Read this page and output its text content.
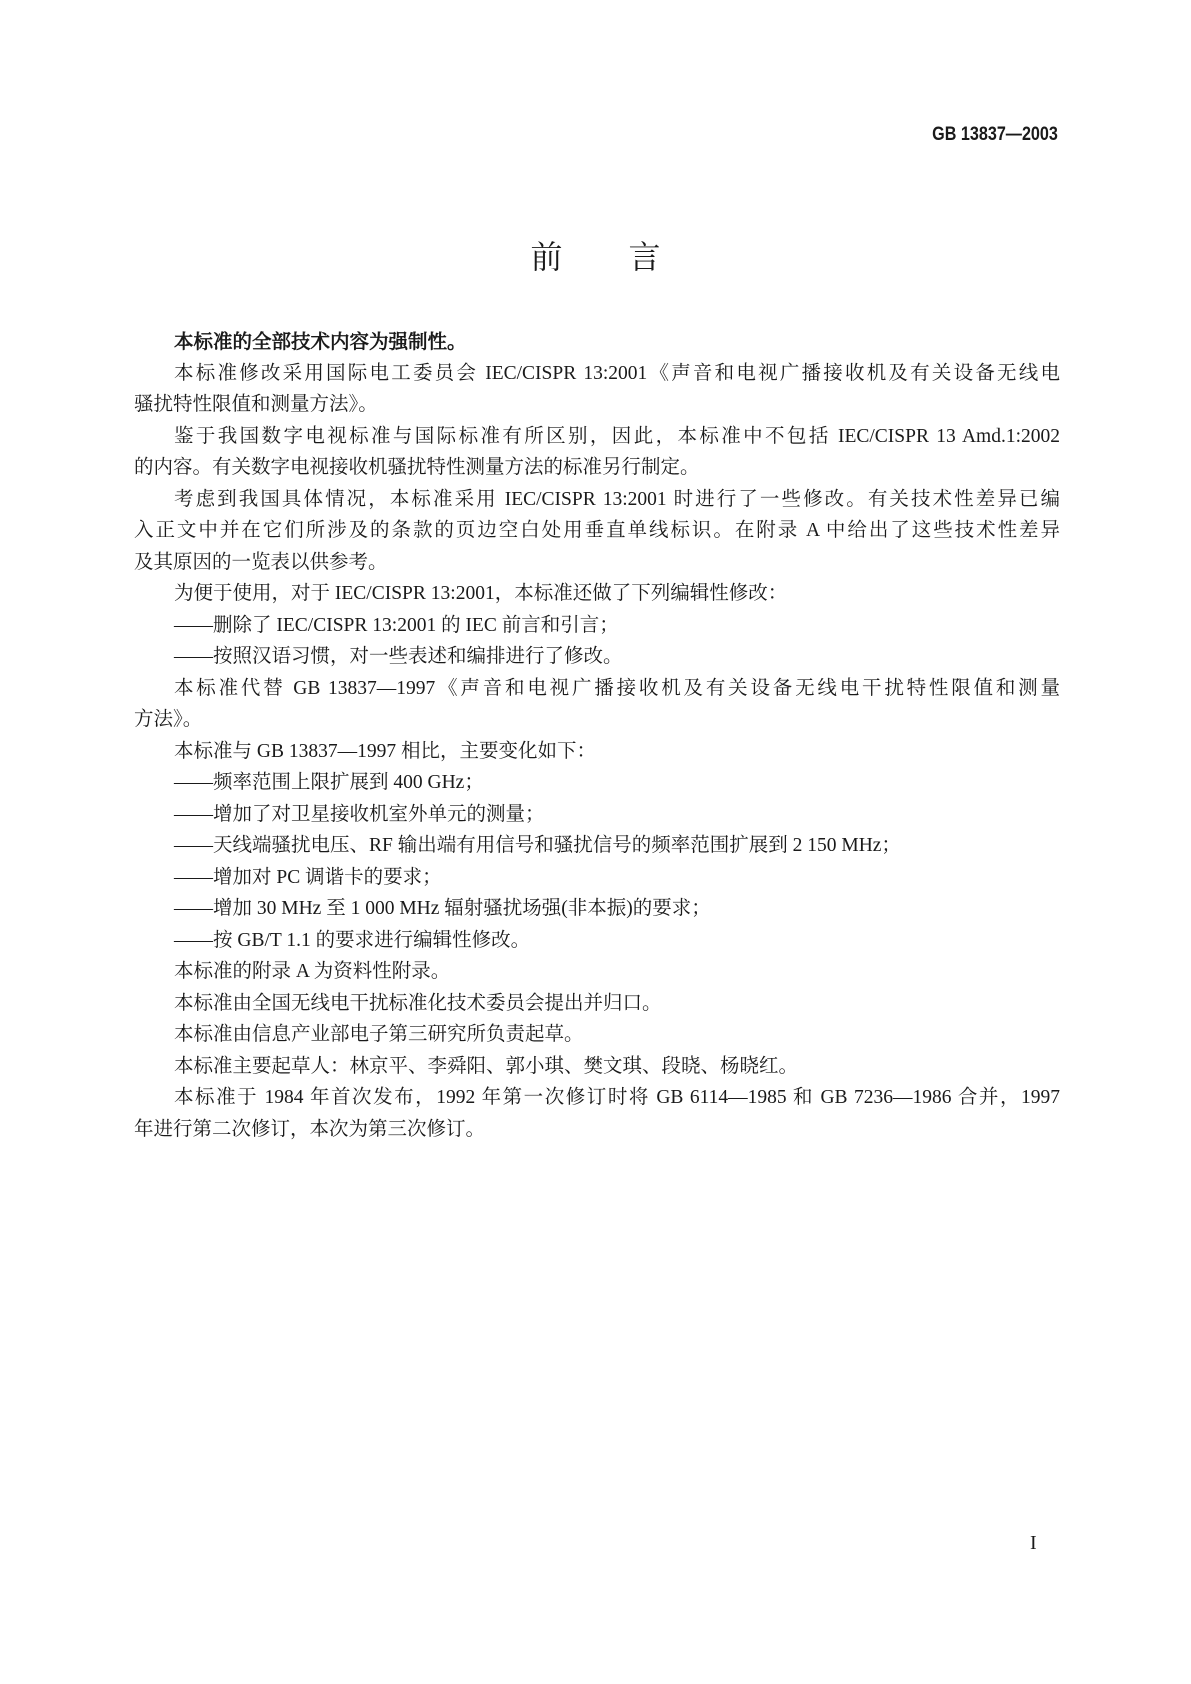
GB 13837—2003
前 言
本标准的全部技术内容为强制性。
本标准修改采用国际电工委员会 IEC/CISPR 13:2001《声音和电视广播接收机及有关设备无线电
骚扰特性限值和测量方法》。
鉴于我国数字电视标准与国际标准有所区别，因此，本标准中不包括 IEC/CISPR 13 Amd.1:2002
的内容。有关数字电视接收机骚扰特性测量方法的标准另行制定。
考虑到我国具体情况，本标准采用 IEC/CISPR 13:2001 时进行了一些修改。有关技术性差异已编
入正文中并在它们所涉及的条款的页边空白处用垂直单线标识。在附录 A 中给出了这些技术性差异
及其原因的一览表以供参考。
为便于使用，对于 IEC/CISPR 13:2001，本标准还做了下列编辑性修改：
——删除了 IEC/CISPR 13:2001 的 IEC 前言和引言；
——按照汉语习惯，对一些表述和编排进行了修改。
本标准代替 GB 13837—1997《声音和电视广播接收机及有关设备无线电干扰特性限值和测量
方法》。
本标准与 GB 13837—1997 相比，主要变化如下：
——频率范围上限扩展到 400 GHz；
——增加了对卫星接收机室外单元的测量；
——天线端骚扰电压、RF 输出端有用信号和骚扰信号的频率范围扩展到 2 150 MHz；
——增加对 PC 调谐卡的要求；
——增加 30 MHz 至 1 000 MHz 辐射骚扰场强(非本振)的要求；
——按 GB/T 1.1 的要求进行编辑性修改。
本标准的附录 A 为资料性附录。
本标准由全国无线电干扰标准化技术委员会提出并归口。
本标准由信息产业部电子第三研究所负责起草。
本标准主要起草人：林京平、李舜阳、郭小琪、樊文琪、段晓、杨晓红。
本标准于 1984 年首次发布，1992 年第一次修订时将 GB 6114—1985 和 GB 7236—1986 合并，1997
年进行第二次修订，本次为第三次修订。
I
